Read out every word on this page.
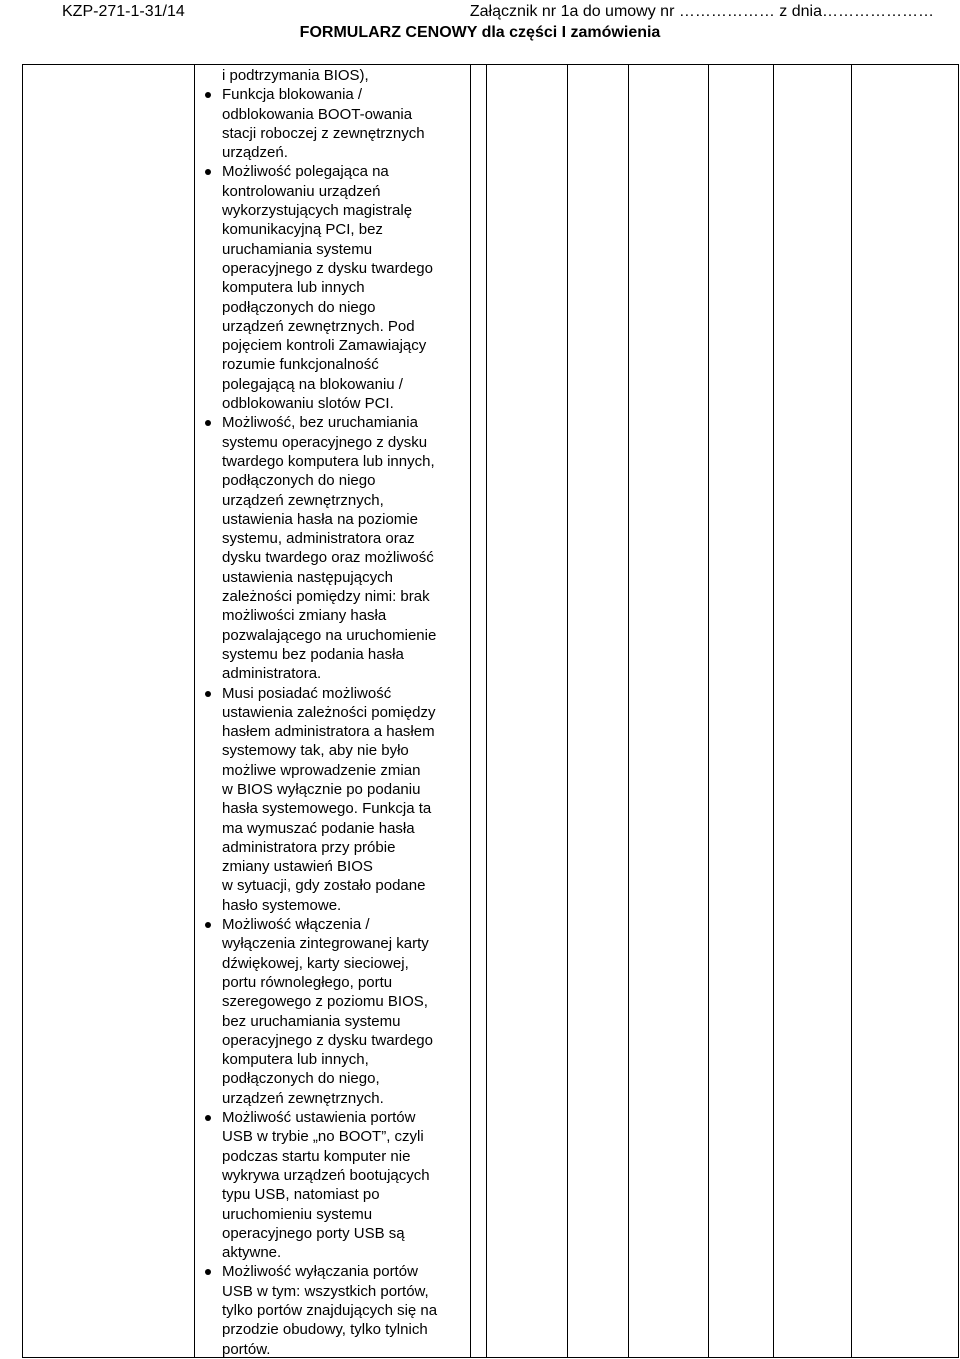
KZP-271-1-31/14	Załącznik nr 1a do umowy nr ……………… z dnia…………………
FORMULARZ CENOWY dla części I zamówienia

i podtrzymania BIOS),

Funkcja blokowania /
odblokowania BOOT-owania
stacji roboczej z zewnętrznych
urządzeń.
Możliwość polegająca na
kontrolowaniu urządzeń
wykorzystujących magistralę
komunikacyjną PCI, bez
uruchamiania systemu
operacyjnego z dysku twardego
komputera lub innych
podłączonych do niego
urządzeń zewnętrznych. Pod
pojęciem kontroli Zamawiający
rozumie funkcjonalność
polegającą na blokowaniu /
odblokowaniu slotów PCI.
Możliwość, bez uruchamiania
systemu operacyjnego z dysku
twardego komputera lub innych,
podłączonych do niego
urządzeń zewnętrznych,
ustawienia hasła na poziomie
systemu, administratora oraz
dysku twardego oraz możliwość
ustawienia następujących
zależności pomiędzy nimi: brak
możliwości zmiany hasła
pozwalającego na uruchomienie
systemu bez podania hasła
administratora.
Musi posiadać możliwość
ustawienia zależności pomiędzy
hasłem administratora a hasłem
systemowy tak, aby nie było
możliwe wprowadzenie zmian
w BIOS wyłącznie po podaniu
hasła systemowego. Funkcja ta
ma wymuszać podanie hasła
administratora przy próbie
zmiany ustawień BIOS
w sytuacji, gdy zostało podane
hasło systemowe.
Możliwość włączenia /
wyłączenia zintegrowanej karty
dźwiękowej, karty sieciowej,
portu równoległego, portu
szeregowego z poziomu BIOS,
bez uruchamiania systemu
operacyjnego z dysku twardego
komputera lub innych,
podłączonych do niego,
urządzeń zewnętrznych.
Możliwość ustawienia portów
USB w trybie „no BOOT”, czyli
podczas startu komputer nie
wykrywa urządzeń bootujących
typu USB, natomiast po
uruchomieniu systemu
operacyjnego porty USB są
aktywne.
Możliwość wyłączania portów
USB w tym: wszystkich portów,
tylko portów znajdujących się na
przodzie obudowy, tylko tylnich
portów.
